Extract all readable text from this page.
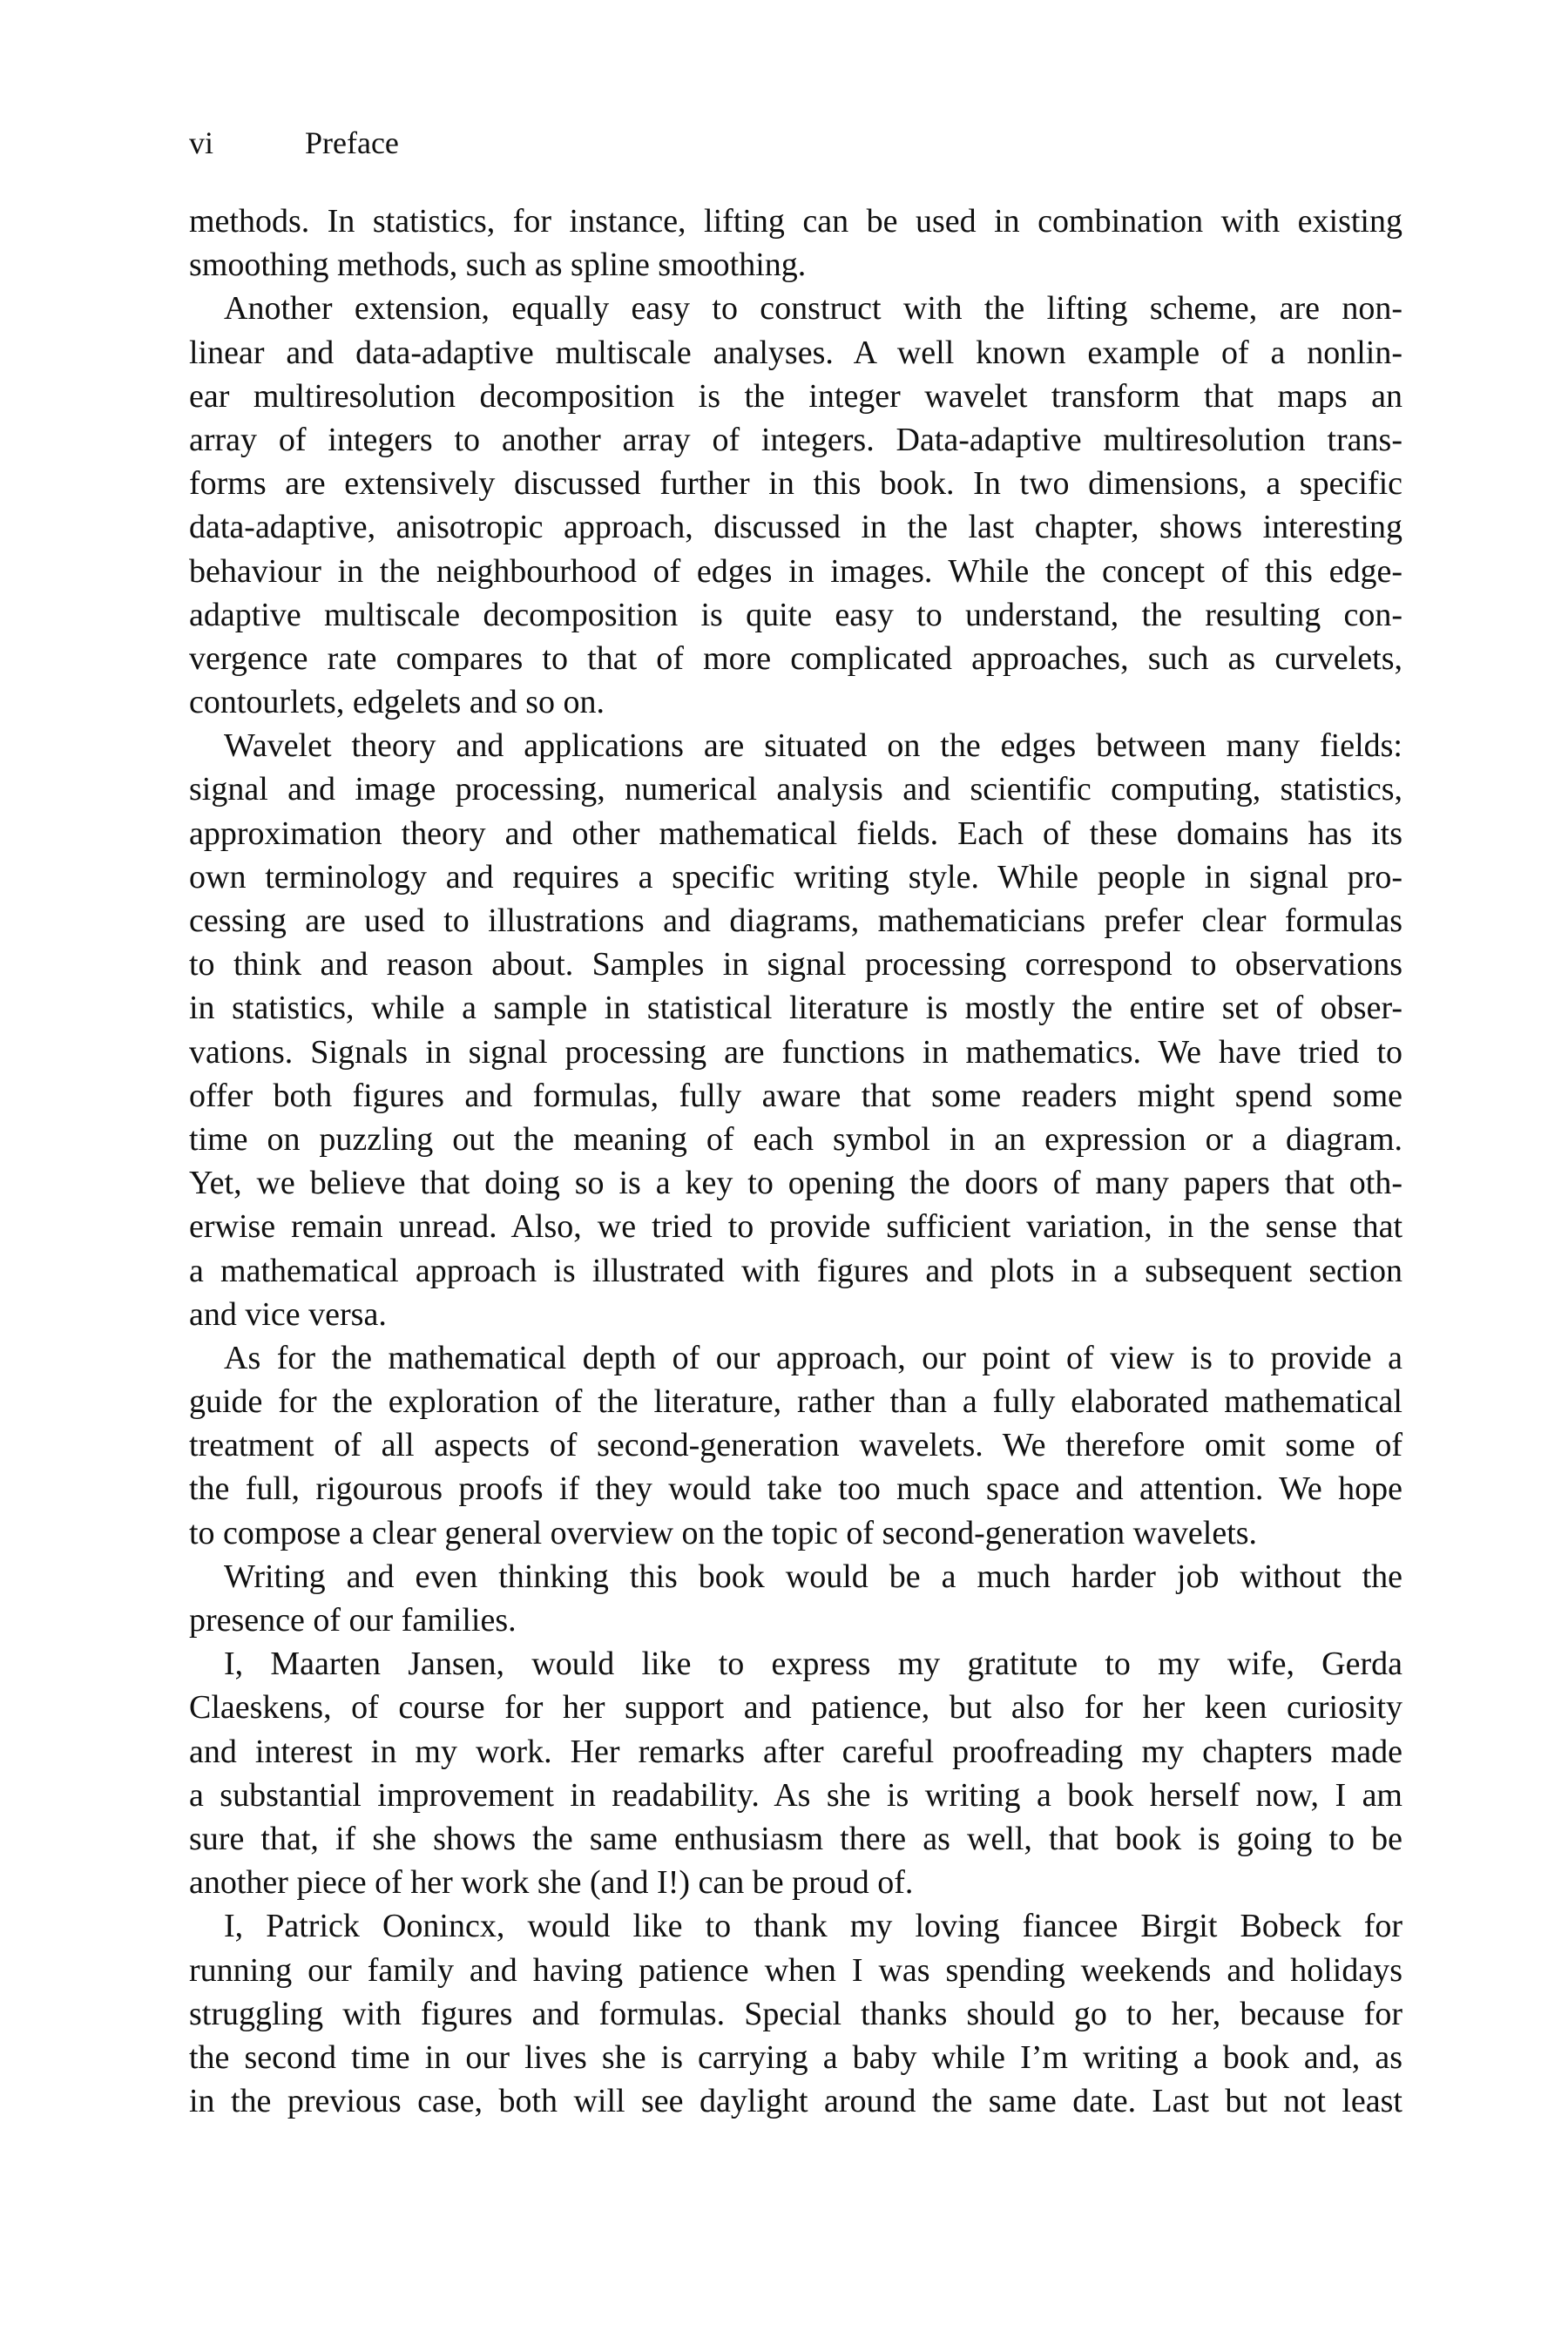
vi	Preface
methods. In statistics, for instance, lifting can be used in combination with existing
smoothing methods, such as spline smoothing.
Another extension, equally easy to construct with the lifting scheme, are non-
linear and data-adaptive multiscale analyses. A well known example of a nonlin-
ear multiresolution decomposition is the integer wavelet transform that maps an
array of integers to another array of integers. Data-adaptive multiresolution trans-
forms are extensively discussed further in this book. In two dimensions, a specific
data-adaptive, anisotropic approach, discussed in the last chapter, shows interesting
behaviour in the neighbourhood of edges in images. While the concept of this edge-
adaptive multiscale decomposition is quite easy to understand, the resulting con-
vergence rate compares to that of more complicated approaches, such as curvelets,
contourlets, edgelets and so on.
Wavelet theory and applications are situated on the edges between many fields:
signal and image processing, numerical analysis and scientific computing, statistics,
approximation theory and other mathematical fields. Each of these domains has its
own terminology and requires a specific writing style. While people in signal pro-
cessing are used to illustrations and diagrams, mathematicians prefer clear formulas
to think and reason about. Samples in signal processing correspond to observations
in statistics, while a sample in statistical literature is mostly the entire set of obser-
vations. Signals in signal processing are functions in mathematics. We have tried to
offer both figures and formulas, fully aware that some readers might spend some
time on puzzling out the meaning of each symbol in an expression or a diagram.
Yet, we believe that doing so is a key to opening the doors of many papers that oth-
erwise remain unread. Also, we tried to provide sufficient variation, in the sense that
a mathematical approach is illustrated with figures and plots in a subsequent section
and vice versa.
As for the mathematical depth of our approach, our point of view is to provide a
guide for the exploration of the literature, rather than a fully elaborated mathematical
treatment of all aspects of second-generation wavelets. We therefore omit some of
the full, rigourous proofs if they would take too much space and attention. We hope
to compose a clear general overview on the topic of second-generation wavelets.
Writing and even thinking this book would be a much harder job without the
presence of our families.
I, Maarten Jansen, would like to express my gratitute to my wife, Gerda
Claeskens, of course for her support and patience, but also for her keen curiosity
and interest in my work. Her remarks after careful proofreading my chapters made
a substantial improvement in readability. As she is writing a book herself now, I am
sure that, if she shows the same enthusiasm there as well, that book is going to be
another piece of her work she (and I!) can be proud of.
I, Patrick Oonincx, would like to thank my loving fiancee Birgit Bobeck for
running our family and having patience when I was spending weekends and holidays
struggling with figures and formulas. Special thanks should go to her, because for
the second time in our lives she is carrying a baby while I’m writing a book and, as
in the previous case, both will see daylight around the same date. Last but not least
